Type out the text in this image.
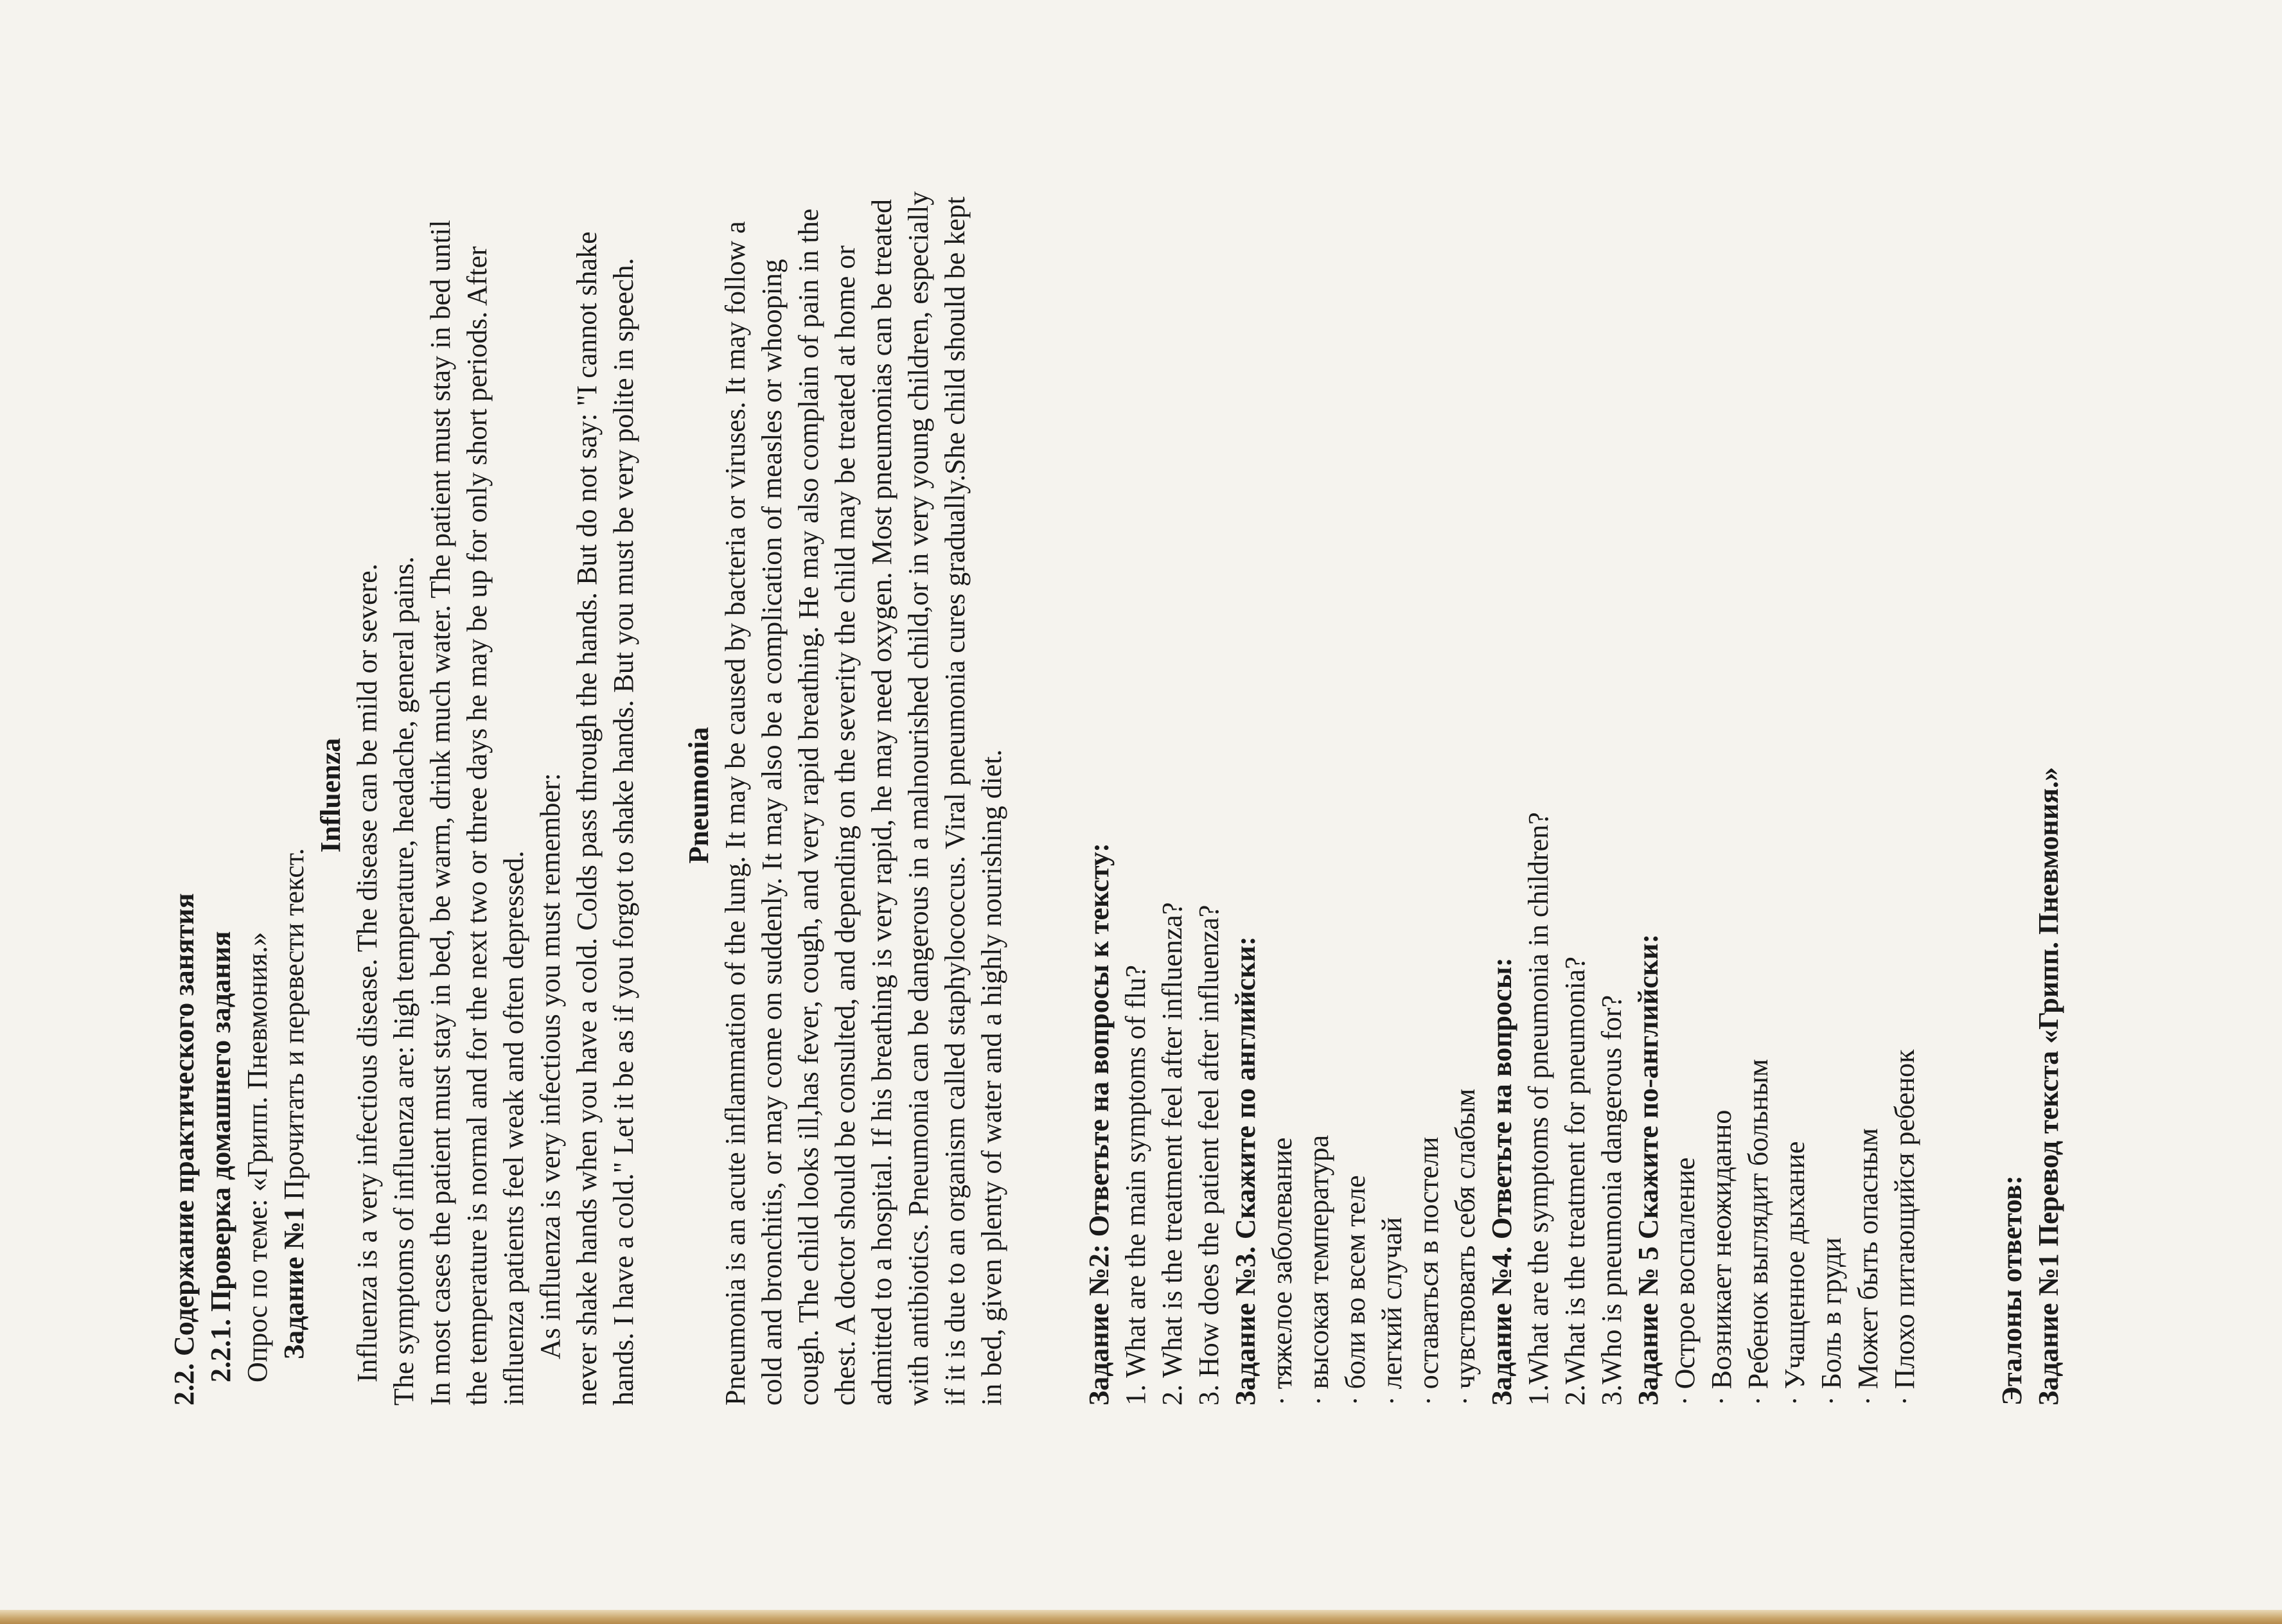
2.2. Содержание практического занятия 2.2.1. Проверка домашнего задания Опрос по теме: «Грипп. Пневмония.» Задание №1 Прочитать и перевести текст.

Influenza Influenza is a very infectious disease. The disease can be mild or severe. The symptoms of influenza are: high temperature, headache, general pains. In most cases the patient must stay in bed, be warm, drink much water. The patient must stay in bed until the temperature is normal and for the next two or three days he may be up for only short periods. After influenza patients feel weak and often depressed. As influenza is very infectious you must remember: never shake hands when you have a cold. Colds pass through the hands. But do not say: "I cannot shake hands. I have a cold." Let it be as if you forgot to shake hands. But you must be very polite in speech. Pneumonia Pneumonia is an acute inflammation of the lung. It may be caused by bacteria or viruses. It may follow a cold and bronchitis, or may come on suddenly. It may also be a complication of measles or whooping cough. The child looks ill,has fever, cough, and very rapid breathing. He may also complain of pain in the chest. A doctor should be consulted, and depending on the severity the child may be treated at home or admitted to a hospital. If his breathing is very rapid, he may need oxygen. Most pneumonias can be treated with antibiotics. Pneumonia can be dangerous in a malnourished child,or in very young children, especially if it is due to an organism called staphylococcus. Viral pneumonia cures gradually.She child should be kept in bed, given plenty of water and a highly nourishing diet.	Задание №2: Ответьте на вопросы к тексту: 1. What are the main symptoms of flu? 2. What is the treatment feel after influenza? 3. How does the patient feel after influenza? Задание №3. Скажите по английски: · тяжелое заболевание · высокая температура · боли во всем теле · легкий случай · оставаться в постели · чувствовать себя слабым Задание №4. Ответьте на вопросы: 1.What are the symptoms of pneumonia in children? 2.What is the treatment for pneumonia? 3.Who is pneumonia dangerous for? Задание № 5 Скажите по-английски: · Острое воспаление · Возникает неожиданно · Ребенок выглядит больным · Учащенное дыхание · Боль в груди · Может быть опасным · Плохо питающийся ребенок	Эталоны ответов: Задание №1 Перевод текста «Грипп. Пневмония.»
